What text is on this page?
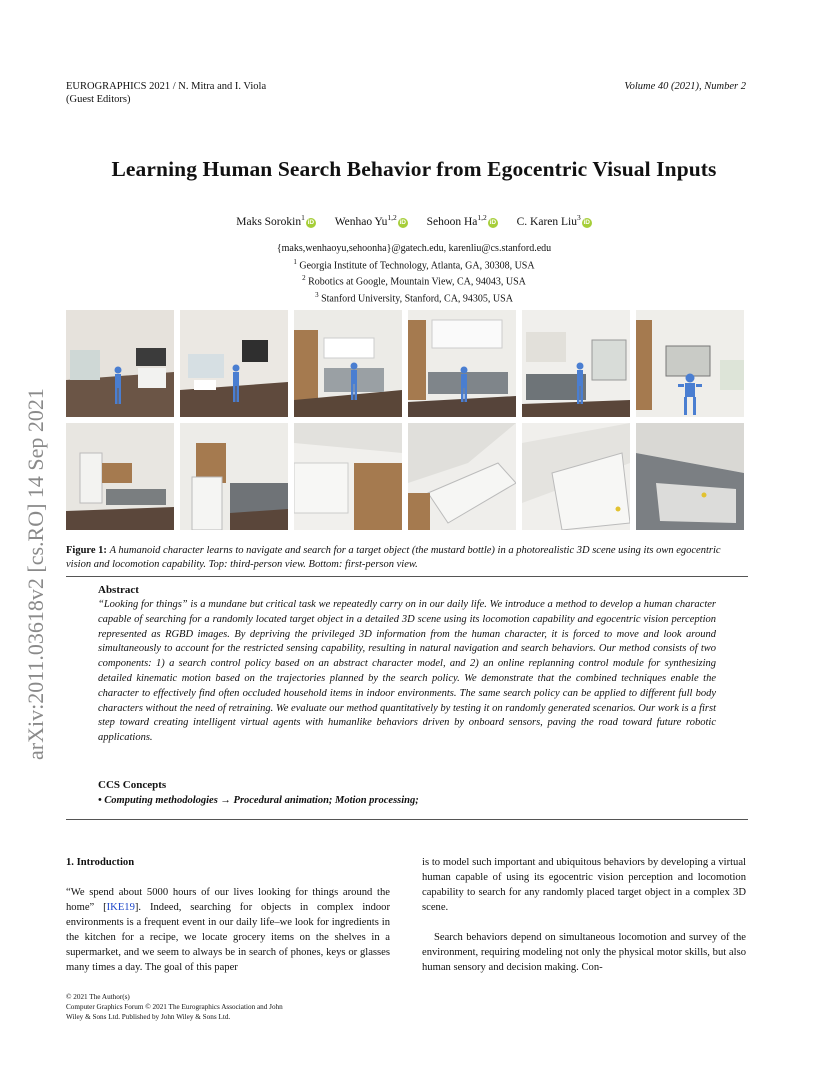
EUROGRAPHICS 2021 / N. Mitra and I. Viola
(Guest Editors)
Volume 40 (2021), Number 2
arXiv:2011.03618v2 [cs.RO] 14 Sep 2021
Learning Human Search Behavior from Egocentric Visual Inputs
Maks Sorokin$^1$iD Wenhao Yu$^{1,2}$iD Sehoon Ha$^{1,2}$iD C. Karen Liu$^3$iD
{maks,wenhaoyu,sehoonha}@gatech.edu, karenliu@cs.stanford.edu
$^1$ Georgia Institute of Technology, Atlanta, GA, 30308, USA
$^2$ Robotics at Google, Mountain View, CA, 94043, USA
$^3$ Stanford University, Stanford, CA, 94305, USA
Figure 1: A humanoid character learns to navigate and search for a target object (the mustard bottle) in a photorealistic 3D scene using its own egocentric vision and locomotion capability. Top: third-person view. Bottom: first-person view.
Abstract
“Looking for things” is a mundane but critical task we repeatedly carry on in our daily life. We introduce a method to develop a human character capable of searching for a randomly located target object in a detailed 3D scene using its locomotion capability and egocentric vision perception represented as RGBD images. By depriving the privileged 3D information from the human character, it is forced to move and look around simultaneously to account for the restricted sensing capability, resulting in natural navigation and search behaviors. Our method consists of two components: 1) a search control policy based on an abstract character model, and 2) an online replanning control module for synthesizing detailed kinematic motion based on the trajectories planned by the search policy. We demonstrate that the combined techniques enable the character to effectively find often occluded household items in indoor environments. The same search policy can be applied to different full body characters without the need of retraining. We evaluate our method quantitatively by testing it on randomly generated scenarios. Our work is a first step toward creating intelligent virtual agents with humanlike behaviors driven by onboard sensors, paving the road toward future robotic applications.
CCS Concepts
• Computing methodologies → Procedural animation; Motion processing;
1. Introduction

“We spend about 5000 hours of our lives looking for things around the home” [IKE19]. Indeed, searching for objects in complex indoor environments is a frequent event in our daily life–we look for ingredients in the kitchen for a recipe, we locate grocery items on the shelves in a supermarket, and we seem to always be in search of phones, keys or glasses many times a day. The goal of this paper

is to model such important and ubiquitous behaviors by developing a virtual human capable of using its egocentric vision perception and locomotion capability to search for any randomly placed target object in a complex 3D scene.

Search behaviors depend on simultaneous locomotion and survey of the environment, requiring modeling not only the physical motor skills, but also human sensory and decision making. Con-

© 2021 The Author(s)
Computer Graphics Forum © 2021 The Eurographics Association and John
Wiley & Sons Ltd. Published by John Wiley & Sons Ltd.
